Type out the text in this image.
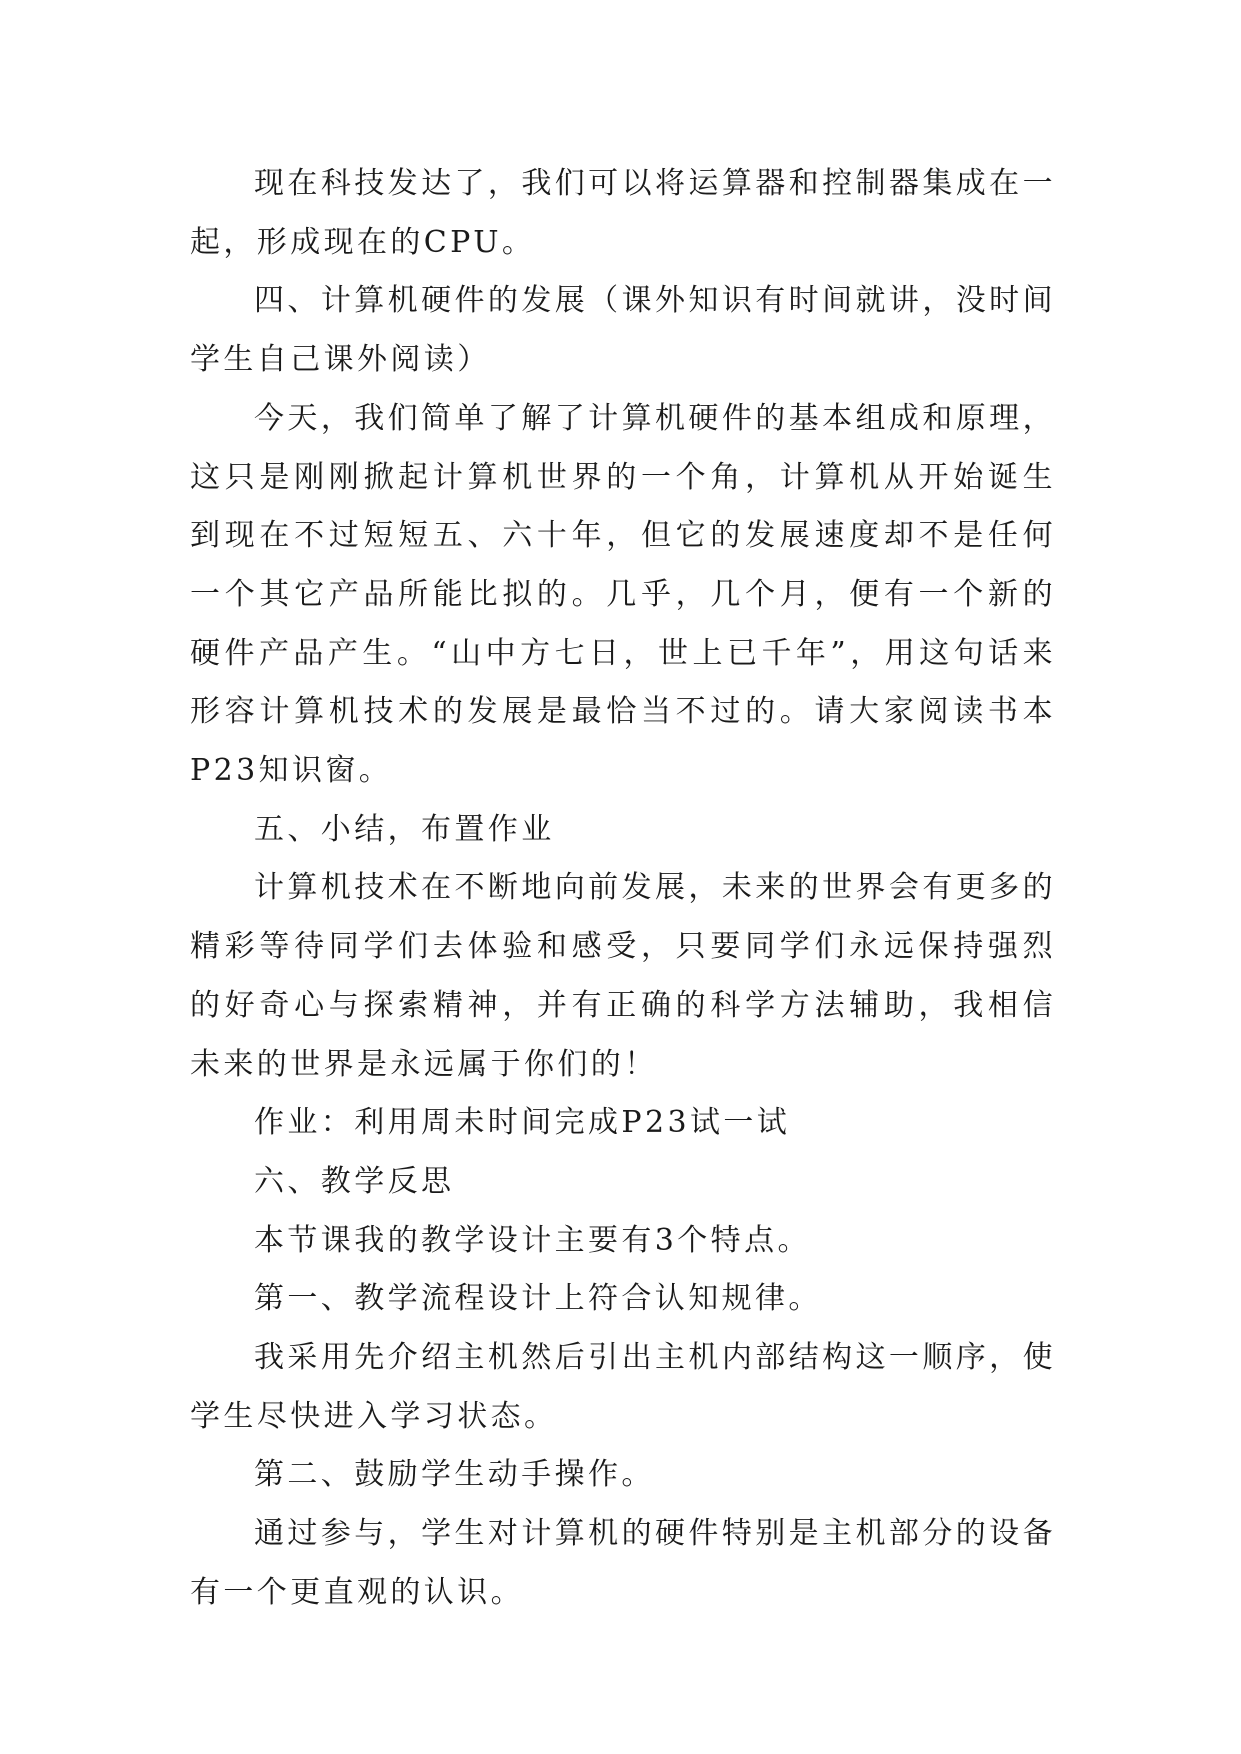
现在科技发达了，我们可以将运算器和控制器集成在一起，形成现在的CPU。

四、计算机硬件的发展（课外知识有时间就讲，没时间学生自己课外阅读）

今天，我们简单了解了计算机硬件的基本组成和原理，这只是刚刚掀起计算机世界的一个角，计算机从开始诞生到现在不过短短五、六十年，但它的发展速度却不是任何一个其它产品所能比拟的。几乎，几个月，便有一个新的硬件产品产生。“山中方七日，世上已千年”，用这句话来形容计算机技术的发展是最恰当不过的。请大家阅读书本P23知识窗。

五、小结，布置作业

计算机技术在不断地向前发展，未来的世界会有更多的精彩等待同学们去体验和感受，只要同学们永远保持强烈的好奇心与探索精神，并有正确的科学方法辅助，我相信未来的世界是永远属于你们的！

作业：利用周未时间完成P23试一试

六、教学反思

本节课我的教学设计主要有3个特点。

第一、教学流程设计上符合认知规律。

我采用先介绍主机然后引出主机内部结构这一顺序，使学生尽快进入学习状态。

第二、鼓励学生动手操作。

通过参与，学生对计算机的硬件特别是主机部分的设备有一个更直观的认识。
